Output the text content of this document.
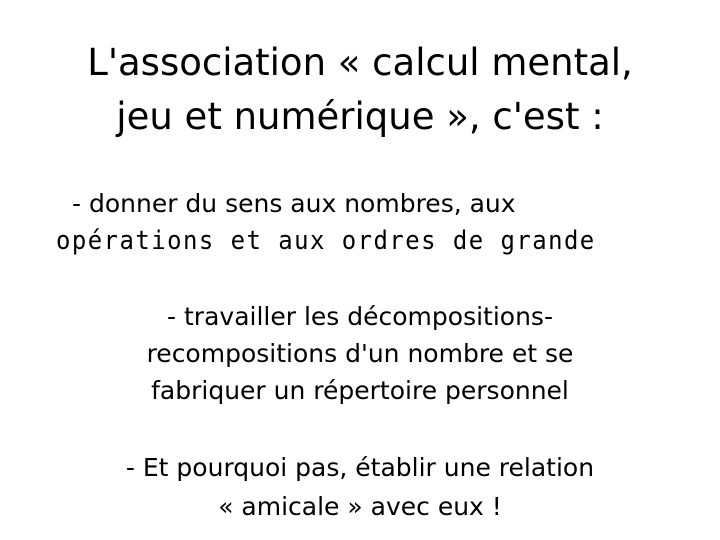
L'association « calcul mental,
jeu et numérique », c'est :
- donner du sens aux nombres, aux
opérations et aux ordres de grande
- travailler les décompositions-
recompositions d'un nombre et se
fabriquer un répertoire personnel
- Et pourquoi pas, établir une relation
« amicale » avec eux !
